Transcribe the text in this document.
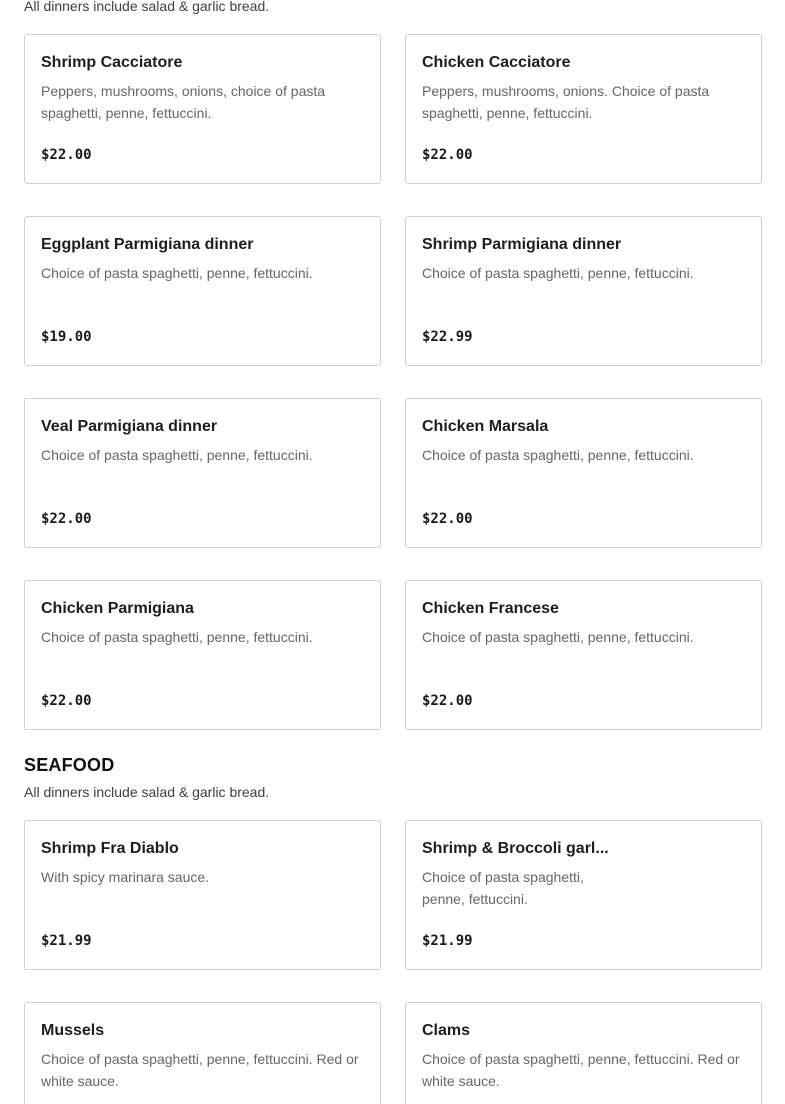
All dinners include salad & garlic bread.
Shrimp Cacciatore
Peppers, mushrooms, onions, choice of pasta spaghetti, penne, fettuccini.
$22.00
Chicken Cacciatore
Peppers, mushrooms, onions. Choice of pasta spaghetti, penne, fettuccini.
$22.00
Eggplant Parmigiana dinner
Choice of pasta spaghetti, penne, fettuccini.
$19.00
Shrimp Parmigiana dinner
Choice of pasta spaghetti, penne, fettuccini.
$22.99
Veal Parmigiana dinner
Choice of pasta spaghetti, penne, fettuccini.
$22.00
Chicken Marsala
Choice of pasta spaghetti, penne, fettuccini.
$22.00
Chicken Parmigiana
Choice of pasta spaghetti, penne, fettuccini.
$22.00
Chicken Francese
Choice of pasta spaghetti, penne, fettuccini.
$22.00
SEAFOOD
All dinners include salad & garlic bread.
Shrimp Fra Diablo
With spicy marinara sauce.
$21.99
Shrimp & Broccoli garl...
Choice of pasta spaghetti, penne, fettuccini.
$21.99
Mussels
Choice of pasta spaghetti, penne, fettuccini. Red or white sauce.
Clams
Choice of pasta spaghetti, penne, fettuccini. Red or white sauce.
